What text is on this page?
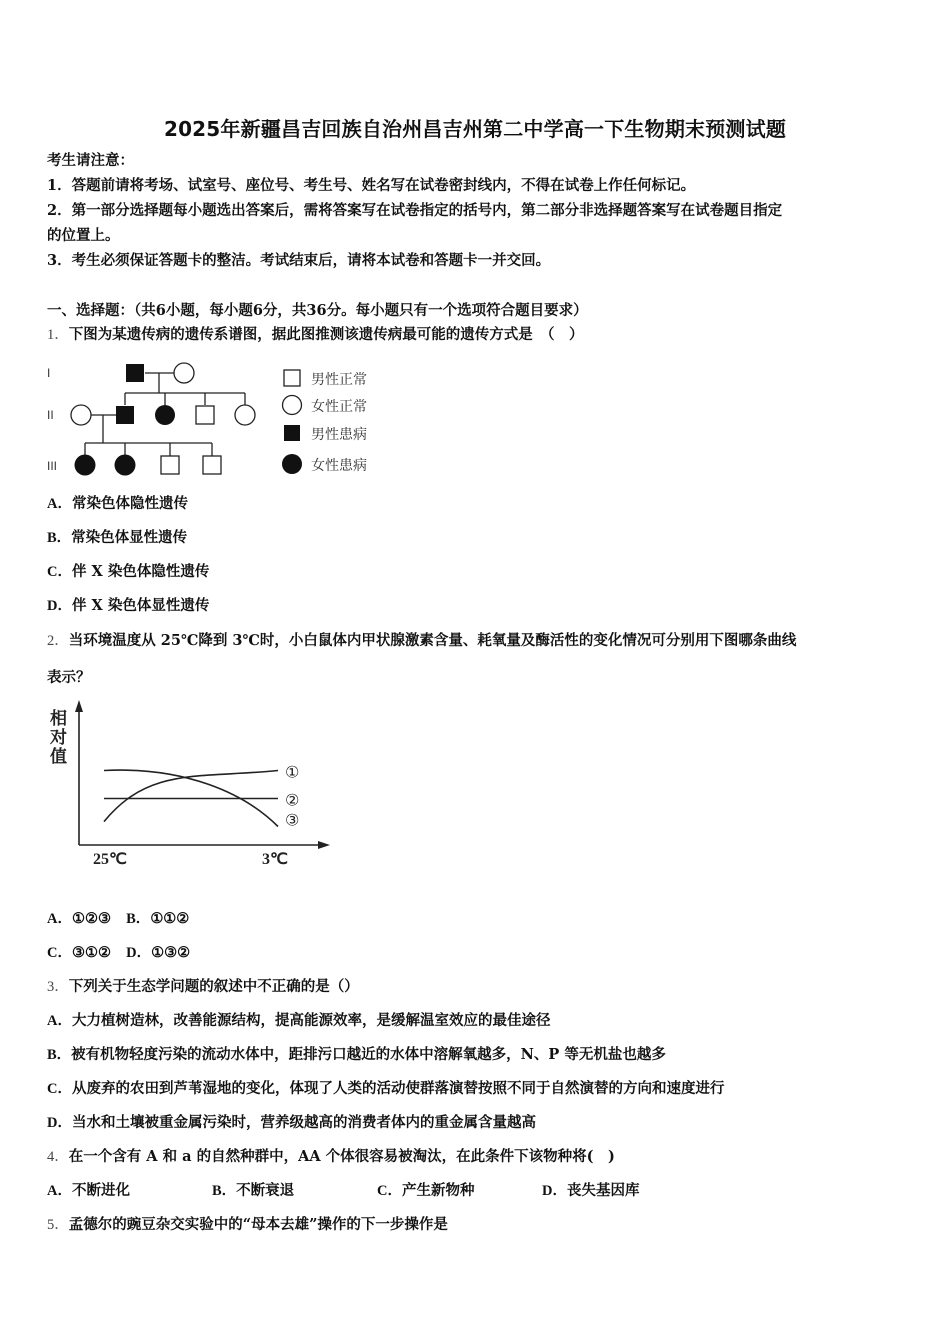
2025年新疆昌吉回族自治州昌吉州第二中学高一下生物期末预测试题
考生请注意：
1．答题前请将考场、试室号、座位号、考生号、姓名写在试卷密封线内，不得在试卷上作任何标记。
2．第一部分选择题每小题选出答案后，需将答案写在试卷指定的括号内，第二部分非选择题答案写在试卷题目指定
的位置上。
3．考生必须保证答题卡的整洁。考试结束后，请将本试卷和答题卡一并交回。
一、选择题：（共6小题，每小题6分，共36分。每小题只有一个选项符合题目要求）
1．下图为某遗传病的遗传系谱图，据此图推测该遗传病最可能的遗传方式是　（　）
I
II
III
男性正常
女性正常
男性患病
女性患病
A．常染色体隐性遗传
B．常染色体显性遗传
C．伴 X 染色体隐性遗传
D．伴 X 染色体显性遗传
2．当环境温度从 25℃降到 3℃时，小白鼠体内甲状腺激素含量、耗氧量及酶活性的变化情况可分别用下图哪条曲线
表示？
相
对
值
25℃	3℃
①
②
③
A．①②③ B．①①②
C．③①② D．①③②
3．下列关于生态学问题的叙述中不正确的是（）
A．大力植树造林，改善能源结构，提高能源效率，是缓解温室效应的最佳途径
B．被有机物轻度污染的流动水体中，距排污口越近的水体中溶解氧越多，N、P 等无机盐也越多
C．从废弃的农田到芦苇湿地的变化，体现了人类的活动使群落演替按照不同于自然演替的方向和速度进行
D．当水和土壤被重金属污染时，营养级越高的消费者体内的重金属含量越高
4．在一个含有 A 和 a 的自然种群中，AA 个体很容易被淘汰，在此条件下该物种将(　)
A．不断进化	B．不断衰退	C．产生新物种	D．丧失基因库
5．孟德尔的豌豆杂交实验中的“母本去雄”操作的下一步操作是
